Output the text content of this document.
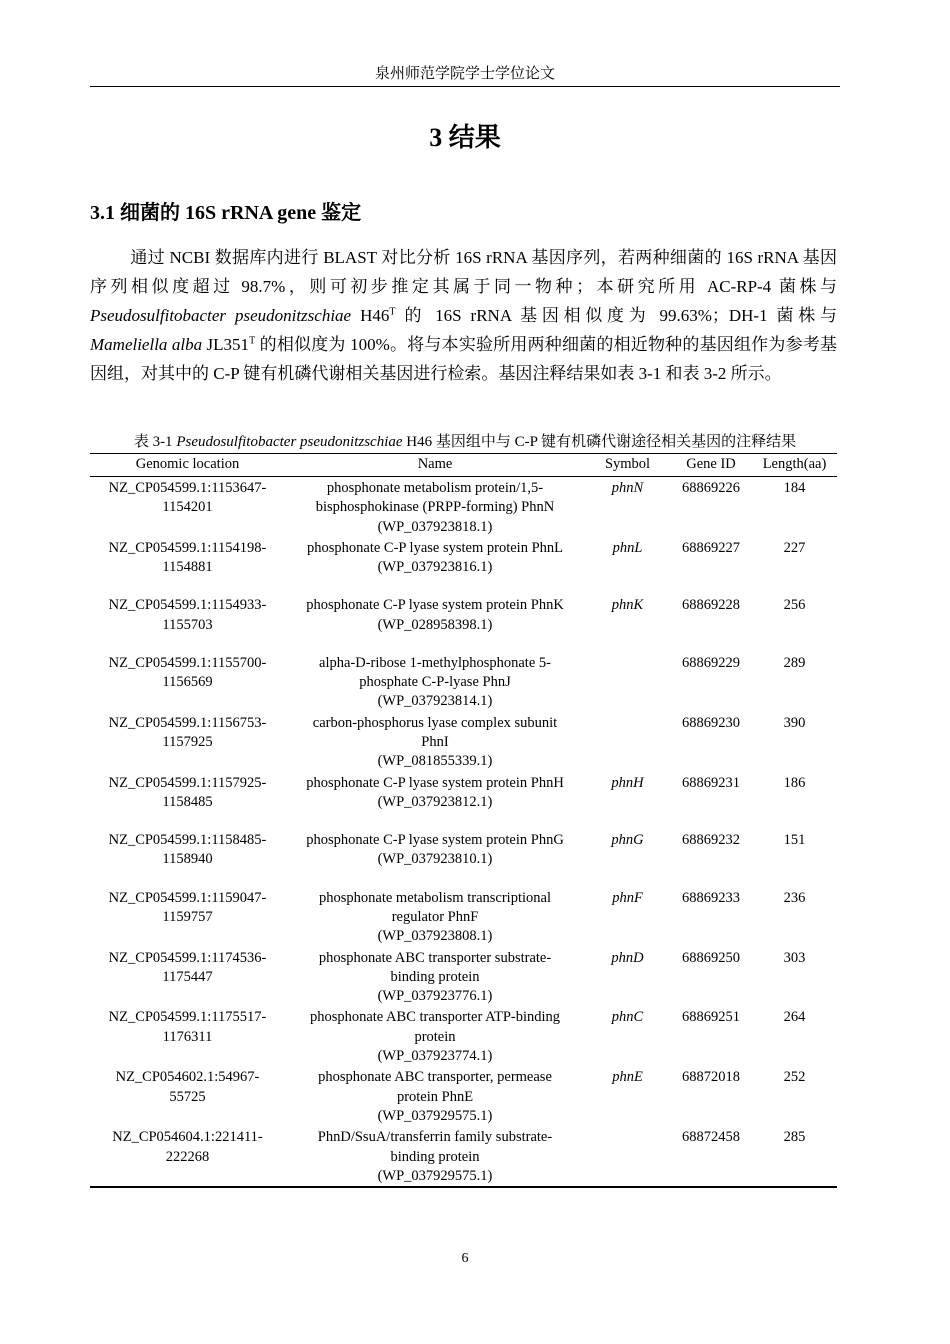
泉州师范学院学士学位论文
3 结果
3.1 细菌的 16S rRNA gene 鉴定
通过 NCBI 数据库内进行 BLAST 对比分析 16S rRNA 基因序列，若两种细菌的 16S rRNA 基因序列相似度超过 98.7%，则可初步推定其属于同一物种；本研究所用 AC-RP-4 菌株与 Pseudosulfitobacter pseudonitzschiae $H46^T$ 的 16S rRNA 基因相似度为 99.63%；DH-1 菌株与 Mameliella alba $JL351^T$ 的相似度为 100%。将与本实验所用两种细菌的相近物种的基因组作为参考基因组，对其中的 C-P 键有机磷代谢相关基因进行检索。基因注释结果如表 3-1 和表 3-2 所示。
表 3-1 Pseudosulfitobacter pseudonitzschiae H46 基因组中与 C-P 键有机磷代谢途径相关基因的注释结果
Genomic location	Name	Symbol	Gene ID	Length(aa)

NZ_CP054599.1:1153647-
1154201	phosphonate metabolism protein/1,5-
bisphosphokinase (PRPP-forming) PhnN
(WP_037923818.1)	phnN	68869226	184

NZ_CP054599.1:1154198-
1154881	phosphonate C-P lyase system protein PhnL
(WP_037923816.1)	phnL	68869227	227

NZ_CP054599.1:1154933-
1155703	phosphonate C-P lyase system protein PhnK
(WP_028958398.1)	phnK	68869228	256

NZ_CP054599.1:1155700-
1156569	alpha-D-ribose 1-methylphosphonate 5-
phosphate C-P-lyase PhnJ
(WP_037923814.1)		68869229	289

NZ_CP054599.1:1156753-
1157925	carbon-phosphorus lyase complex subunit
PhnI
(WP_081855339.1)		68869230	390

NZ_CP054599.1:1157925-
1158485	phosphonate C-P lyase system protein PhnH
(WP_037923812.1)	phnH	68869231	186

NZ_CP054599.1:1158485-
1158940	phosphonate C-P lyase system protein PhnG
(WP_037923810.1)	phnG	68869232	151

NZ_CP054599.1:1159047-
1159757	phosphonate metabolism transcriptional
regulator PhnF
(WP_037923808.1)	phnF	68869233	236

NZ_CP054599.1:1174536-
1175447	phosphonate ABC transporter substrate-
binding protein
(WP_037923776.1)	phnD	68869250	303

NZ_CP054599.1:1175517-
1176311	phosphonate ABC transporter ATP-binding
protein
(WP_037923774.1)	phnC	68869251	264

NZ_CP054602.1:54967-
55725	phosphonate ABC transporter, permease
protein PhnE
(WP_037929575.1)	phnE	68872018	252

NZ_CP054604.1:221411-
222268	PhnD/SsuA/transferrin family substrate-
binding protein
(WP_037929575.1)		68872458	285
6
